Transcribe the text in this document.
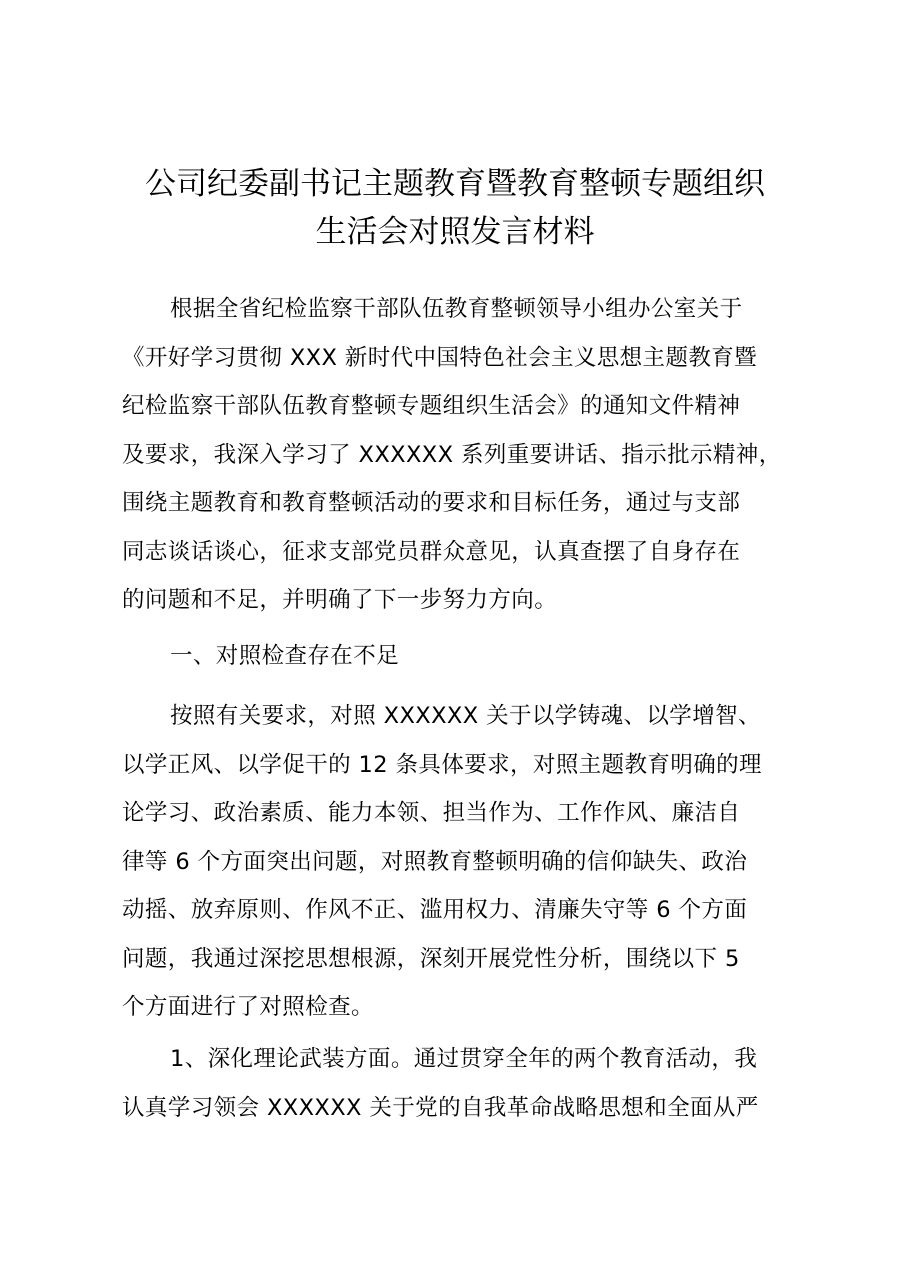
公司纪委副书记主题教育暨教育整顿专题组织
生活会对照发言材料
根据全省纪检监察干部队伍教育整顿领导小组办公室关于
《开好学习贯彻 XXX 新时代中国特色社会主义思想主题教育暨
纪检监察干部队伍教育整顿专题组织生活会》的通知文件精神
及要求，我深入学习了 XXXXXX 系列重要讲话、指示批示精神，
围绕主题教育和教育整顿活动的要求和目标任务，通过与支部
同志谈话谈心，征求支部党员群众意见，认真查摆了自身存在
的问题和不足，并明确了下一步努力方向。
一、对照检查存在不足
按照有关要求，对照 XXXXXX 关于以学铸魂、以学增智、
以学正风、以学促干的 12 条具体要求，对照主题教育明确的理
论学习、政治素质、能力本领、担当作为、工作作风、廉洁自
律等 6 个方面突出问题，对照教育整顿明确的信仰缺失、政治
动摇、放弃原则、作风不正、滥用权力、清廉失守等 6 个方面
问题，我通过深挖思想根源，深刻开展党性分析，围绕以下 5
个方面进行了对照检查。
1、深化理论武装方面。通过贯穿全年的两个教育活动，我
认真学习领会 XXXXXX 关于党的自我革命战略思想和全面从严
